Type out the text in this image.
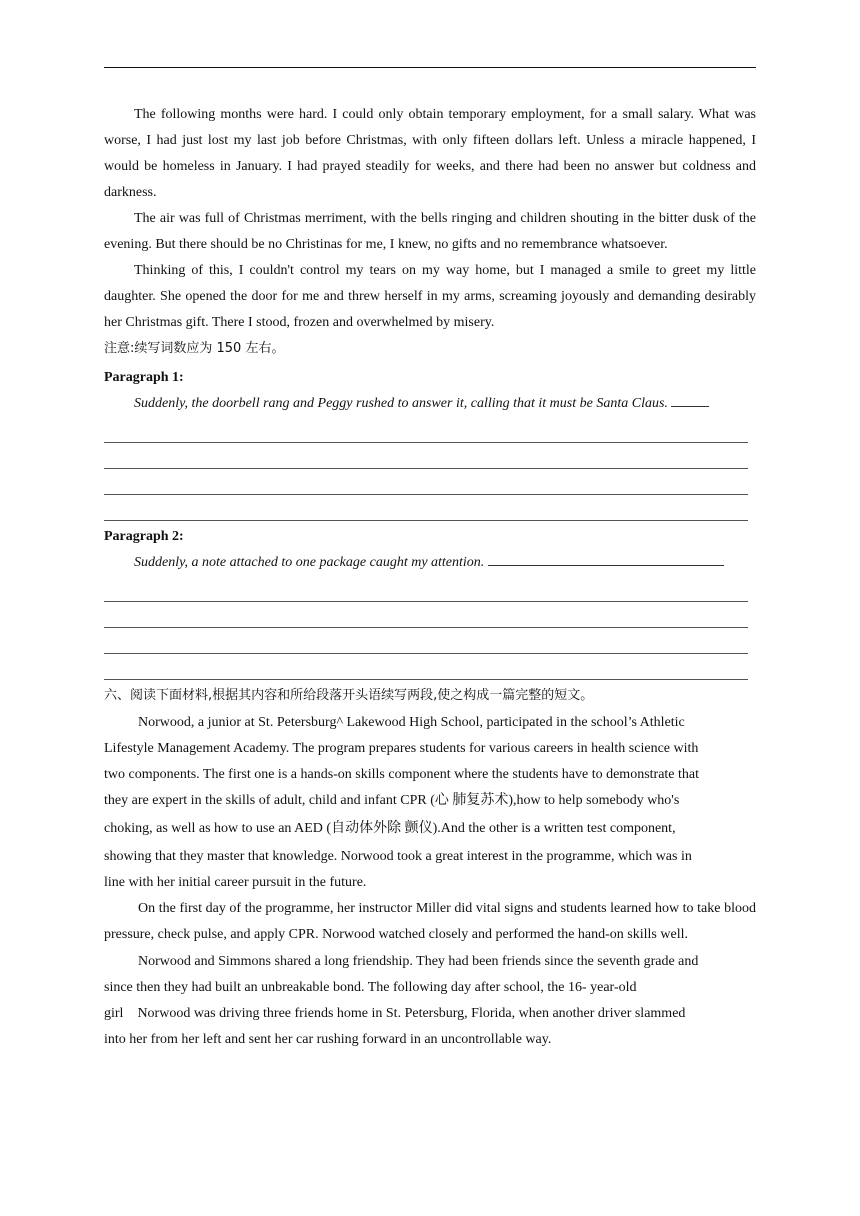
The following months were hard. I could only obtain temporary employment, for a small salary. What was worse, I had just lost my last job before Christmas, with only fifteen dollars left. Unless a miracle happened, I would be homeless in January. I had prayed steadily for weeks, and there had been no answer but coldness and darkness.

The air was full of Christmas merriment, with the bells ringing and children shouting in the bitter dusk of the evening. But there should be no Christinas for me, I knew, no gifts and no remembrance whatsoever.

Thinking of this, I couldn't control my tears on my way home, but I managed a smile to greet my little daughter. She opened the door for me and threw herself in my arms, screaming joyously and demanding desirably her Christmas gift. There I stood, frozen and overwhelmed by misery.

注意:续写词数应为 150 左右。

Paragraph 1:

Suddenly, the doorbell rang and Peggy rushed to answer it, calling that it must be Santa Claus.

Paragraph 2:

Suddenly, a note attached to one package caught my attention.

六、阅读下面材料,根据其内容和所给段落开头语续写两段,使之构成一篇完整的短文。

Norwood, a junior at St. Petersburg^ Lakewood High School, participated in the school’s Athletic

Lifestyle Management Academy. The program prepares students for various careers in health science with

two components. The first one is a hands-on skills component where the students have to demonstrate that

they are expert in the skills of adult, child and infant CPR (心 肺复苏术),how to help somebody who's

choking, as well as how to use an AED (自动体外除 颤仪).And the other is a written test component,

showing that they master that knowledge. Norwood took a great interest in the programme, which was in

line with her initial career pursuit in the future.

On the first day of the programme, her instructor Miller did vital signs and students learned how to take blood pressure, check pulse, and apply CPR. Norwood watched closely and performed the hand-on skills well.

Norwood and Simmons shared a long friendship. They had been friends since the seventh grade and

since then they had built an unbreakable bond. The following day after school, the 16- year-old

girl    Norwood was driving three friends home in St. Petersburg, Florida, when another driver slammed

into her from her left and sent her car rushing forward in an uncontrollable way.
